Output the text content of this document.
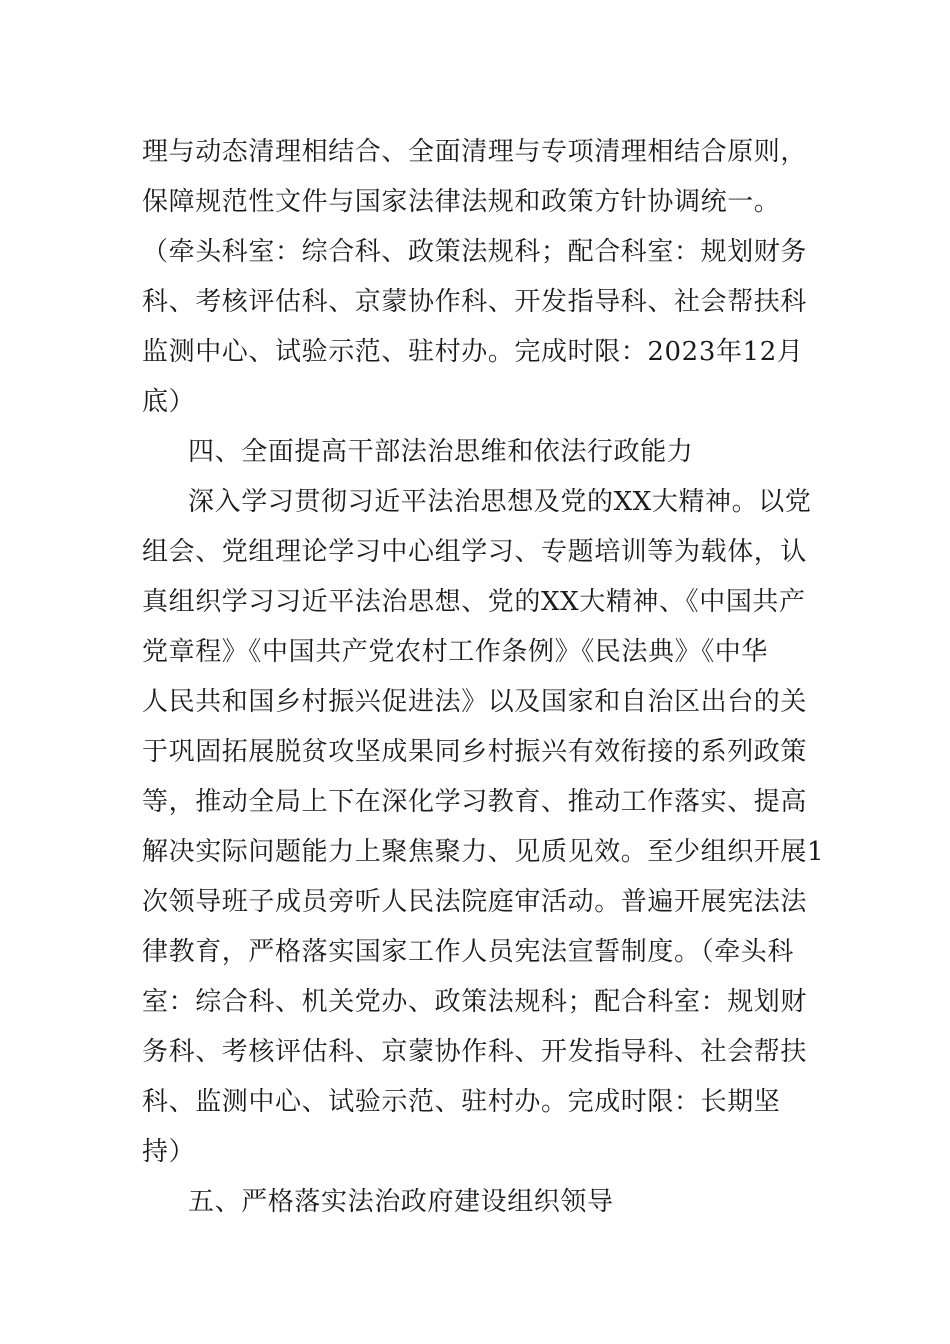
理与动态清理相结合、全面清理与专项清理相结合原则，
保障规范性文件与国家法律法规和政策方针协调统一。
（牵头科室：综合科、政策法规科；配合科室：规划财务
科、考核评估科、京蒙协作科、开发指导科、社会帮扶科
监测中心、试验示范、驻村办。完成时限：2023年12月
底）
四、全面提高干部法治思维和依法行政能力
深入学习贯彻习近平法治思想及党的XX大精神。以党
组会、党组理论学习中心组学习、专题培训等为载体，认
真组织学习习近平法治思想、党的XX大精神、《中国共产
党章程》《中国共产党农村工作条例》《民法典》《中华
人民共和国乡村振兴促进法》以及国家和自治区出台的关
于巩固拓展脱贫攻坚成果同乡村振兴有效衔接的系列政策
等，推动全局上下在深化学习教育、推动工作落实、提高
解决实际问题能力上聚焦聚力、见质见效。至少组织开展1
次领导班子成员旁听人民法院庭审活动。普遍开展宪法法
律教育，严格落实国家工作人员宪法宣誓制度。（牵头科
室：综合科、机关党办、政策法规科；配合科室：规划财
务科、考核评估科、京蒙协作科、开发指导科、社会帮扶
科、监测中心、试验示范、驻村办。完成时限：长期坚
持）
五、严格落实法治政府建设组织领导
